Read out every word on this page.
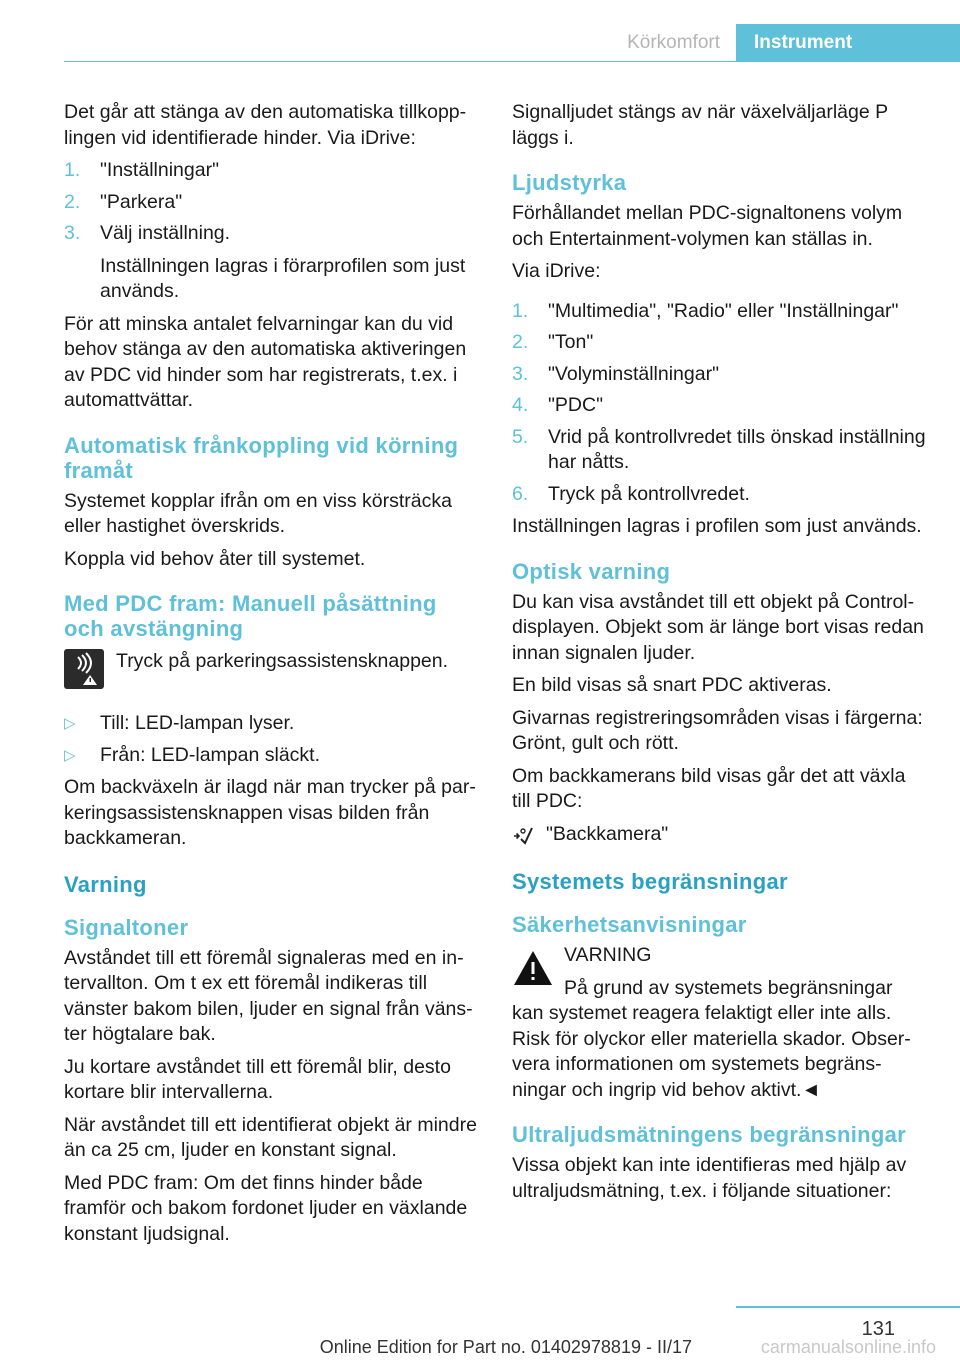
Körkomfort	Instrument

Det går att stänga av den automatiska tillkopplingen vid identifierade hinder. Via iDrive:

1. "Inställningar"
2. "Parkera"
3. Välj inställning.

Inställningen lagras i förarprofilen som just används.

För att minska antalet felvarningar kan du vid behov stänga av den automatiska aktiveringen av PDC vid hinder som har registrerats, t.ex. i automattvättar.

Automatisk frånkoppling vid körning framåt

Systemet kopplar ifrån om en viss körsträcka eller hastighet överskrids.

Koppla vid behov åter till systemet.

Med PDC fram: Manuell påsättning och avstängning
Tryck på parkeringsassistensknappen.
▷ Till: LED-lampan lyser.
▷ Från: LED-lampan släckt.

Om backväxeln är ilagd när man trycker på parkeringsassistensknappen visas bilden från backkameran.

Varning
Signaltoner

Avståndet till ett föremål signaleras med en intervallton. Om t ex ett föremål indikeras till vänster bakom bilen, ljuder en signal från vänster högtalare bak.

Ju kortare avståndet till ett föremål blir, desto kortare blir intervallerna.

När avståndet till ett identifierat objekt är mindre än ca 25 cm, ljuder en konstant signal.

Med PDC fram: Om det finns hinder både framför och bakom fordonet ljuder en växlande konstant ljudsignal.

Signalljudet stängs av när växelväljarläge P läggs i.

Ljudstyrka

Förhållandet mellan PDC-signaltonens volym och Entertainment-volymen kan ställas in.

Via iDrive:

1. "Multimedia", "Radio" eller "Inställningar"
2. "Ton"
3. "Volyminställningar"
4. "PDC"
5. Vrid på kontrollvredet tills önskad inställning har nåtts.
6. Tryck på kontrollvredet.

Inställningen lagras i profilen som just används.

Optisk varning

Du kan visa avståndet till ett objekt på Control-displayen. Objekt som är länge bort visas redan innan signalen ljuder.

En bild visas så snart PDC aktiveras.

Givarnas registreringsområden visas i färgerna: Grönt, gult och rött.

Om backkamerans bild visas går det att växla till PDC:

"Backkamera"
Systemets begränsningar
Säkerhetsanvisningar

VARNING

På grund av systemets begränsningar

kan systemet reagera felaktigt eller inte alls. Risk för olyckor eller materiella skador. Observera informationen om systemets begränsningar och ingrip vid behov aktivt.◄

Ultraljudsmätningens begränsningar

Vissa objekt kan inte identifieras med hjälp av ultraljudsmätning, t.ex. i följande situationer:

131
Online Edition for Part no. 01402978819 - II/17	carmanualsonline.info
